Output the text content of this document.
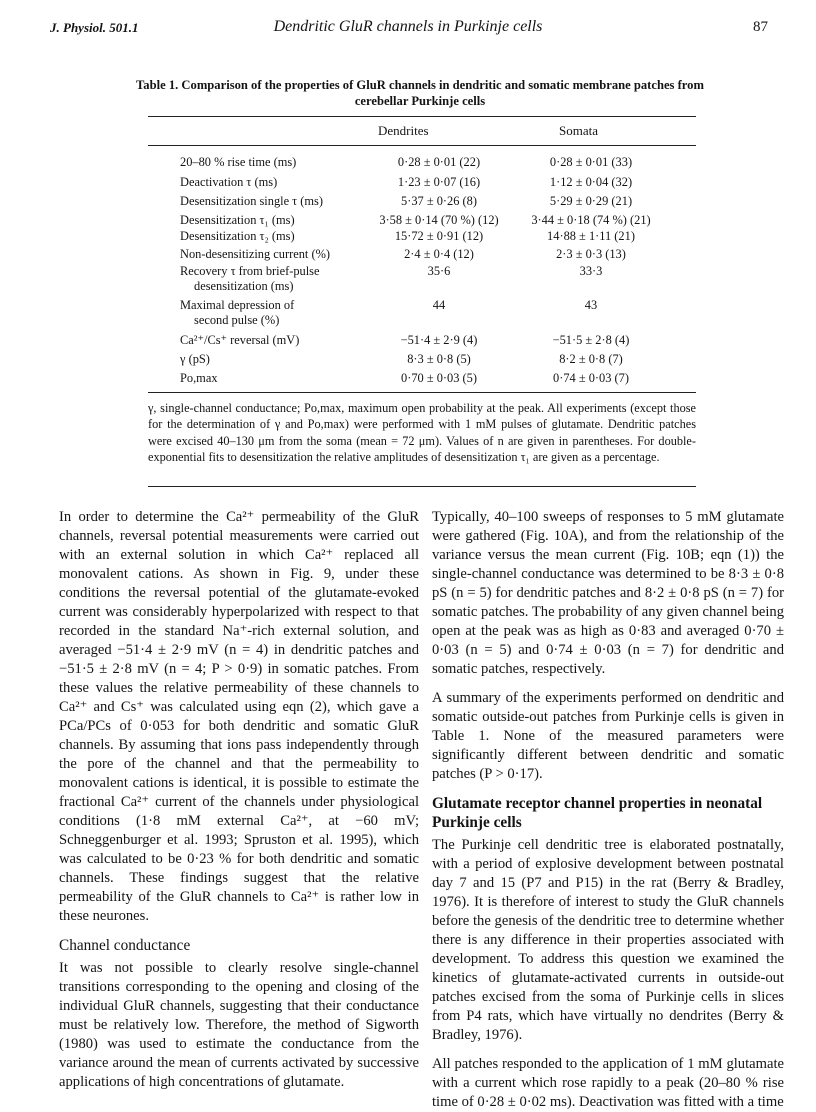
J. Physiol. 501.1	Dendritic GluR channels in Purkinje cells	87
Table 1. Comparison of the properties of GluR channels in dendritic and somatic membrane patches from cerebellar Purkinje cells
Dendrites	Somata
20–80 % rise time (ms)	0·28 ± 0·01 (22)	0·28 ± 0·01 (33)
Deactivation τ (ms)	1·23 ± 0·07 (16)	1·12 ± 0·04 (32)
Desensitization single τ (ms)	5·37 ± 0·26 (8)	5·29 ± 0·29 (21)
Desensitization τ₁ (ms)	3·58 ± 0·14 (70 %) (12)	3·44 ± 0·18 (74 %) (21)
Desensitization τ₂ (ms)	15·72 ± 0·91 (12)	14·88 ± 1·11 (21)
Non-desensitizing current (%)	2·4 ± 0·4 (12)	2·3 ± 0·3 (13)
Recovery τ from brief-pulse
desensitization (ms)
35·6	33·3
Maximal depression of
second pulse (%)
44	43
Ca²⁺/Cs⁺ reversal (mV)	−51·4 ± 2·9 (4)	−51·5 ± 2·8 (4)
γ (pS)	8·3 ± 0·8 (5)	8·2 ± 0·8 (7)
Po,max	0·70 ± 0·03 (5)	0·74 ± 0·03 (7)
γ, single-channel conductance; Po,max, maximum open probability at the peak. All experiments (except those for the determination of γ and Po,max) were performed with 1 mM pulses of glutamate. Dendritic patches were excised 40–130 μm from the soma (mean = 72 μm). Values of n are given in parentheses. For double-exponential fits to desensitization the relative amplitudes of desensitization τ₁ are given as a percentage.

In order to determine the Ca²⁺ permeability of the GluR channels, reversal potential measurements were carried out with an external solution in which Ca²⁺ replaced all monovalent cations. As shown in Fig. 9, under these conditions the reversal potential of the glutamate-evoked current was considerably hyperpolarized with respect to that recorded in the standard Na⁺-rich external solution, and averaged −51·4 ± 2·9 mV (n = 4) in dendritic patches and −51·5 ± 2·8 mV (n = 4; P > 0·9) in somatic patches. From these values the relative permeability of these channels to Ca²⁺ and Cs⁺ was calculated using eqn (2), which gave a PCa/PCs of 0·053 for both dendritic and somatic GluR channels. By assuming that ions pass independently through the pore of the channel and that the permeability to monovalent cations is identical, it is possible to estimate the fractional Ca²⁺ current of the channels under physiological conditions (1·8 mM external Ca²⁺, at −60 mV; Schneggenburger et al. 1993; Spruston et al. 1995), which was calculated to be 0·23 % for both dendritic and somatic channels. These findings suggest that the relative permeability of the GluR channels to Ca²⁺ is rather low in these neurones.

Channel conductance

It was not possible to clearly resolve single-channel transitions corresponding to the opening and closing of the individual GluR channels, suggesting that their conductance must be relatively low. Therefore, the method of Sigworth (1980) was used to estimate the conductance from the variance around the mean of currents activated by successive applications of high concentrations of glutamate.

Typically, 40–100 sweeps of responses to 5 mM glutamate were gathered (Fig. 10A), and from the relationship of the variance versus the mean current (Fig. 10B; eqn (1)) the single-channel conductance was determined to be 8·3 ± 0·8 pS (n = 5) for dendritic patches and 8·2 ± 0·8 pS (n = 7) for somatic patches. The probability of any given channel being open at the peak was as high as 0·83 and averaged 0·70 ± 0·03 (n = 5) and 0·74 ± 0·03 (n = 7) for dendritic and somatic patches, respectively.

A summary of the experiments performed on dendritic and somatic outside-out patches from Purkinje cells is given in Table 1. None of the measured parameters were significantly different between dendritic and somatic patches (P > 0·17).

Glutamate receptor channel properties in neonatal Purkinje cells

The Purkinje cell dendritic tree is elaborated postnatally, with a period of explosive development between postnatal day 7 and 15 (P7 and P15) in the rat (Berry & Bradley, 1976). It is therefore of interest to study the GluR channels before the genesis of the dendritic tree to determine whether there is any difference in their properties associated with development. To address this question we examined the kinetics of glutamate-activated currents in outside-out patches excised from the soma of Purkinje cells in slices from P4 rats, which have virtually no dendrites (Berry & Bradley, 1976).

All patches responded to the application of 1 mM glutamate with a current which rose rapidly to a peak (20–80 % rise time of 0·28 ± 0·02 ms). Deactivation was fitted with a time
